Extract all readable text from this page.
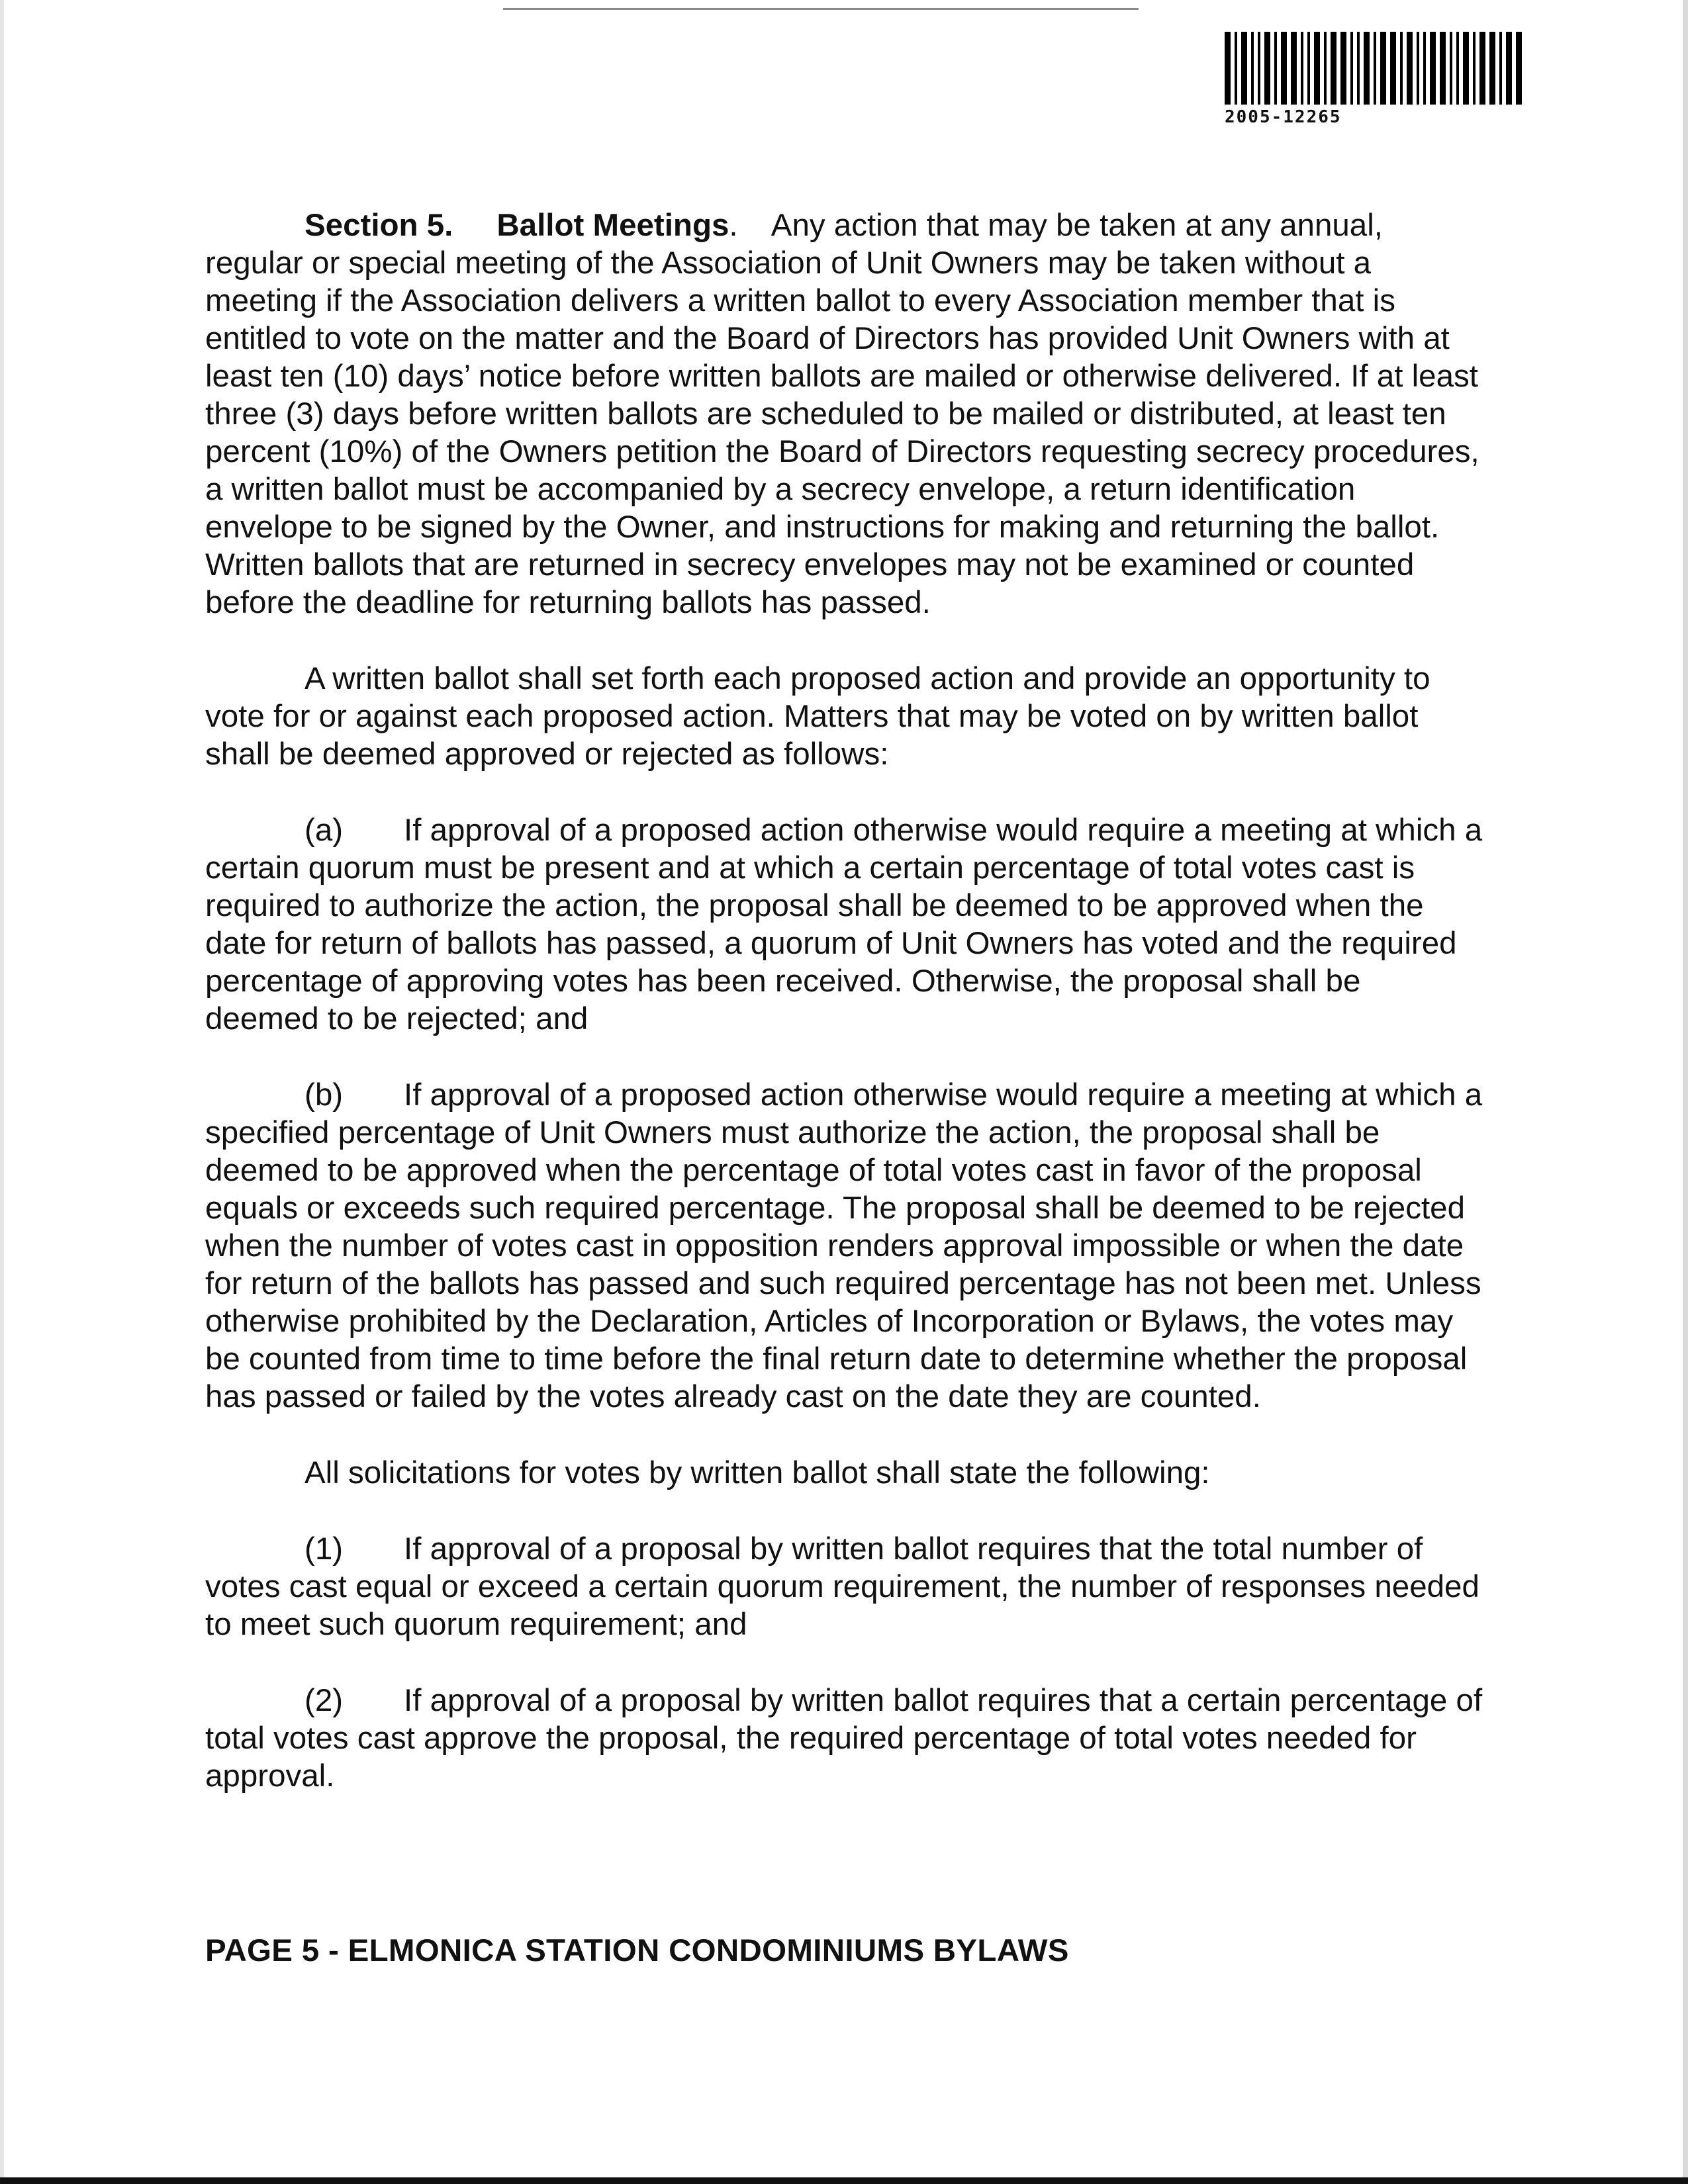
2005-12265

Section 5. Ballot Meetings.    Any action that may be taken at any annual, regular or special meeting of the Association of Unit Owners may be taken without a meeting if the Association delivers a written ballot to every Association member that is entitled to vote on the matter and the Board of Directors has provided Unit Owners with at least ten (10) days’ notice before written ballots are mailed or otherwise delivered. If at least three (3) days before written ballots are scheduled to be mailed or distributed, at least ten percent (10%) of the Owners petition the Board of Directors requesting secrecy procedures, a written ballot must be accompanied by a secrecy envelope, a return identification envelope to be signed by the Owner, and instructions for making and returning the ballot. Written ballots that are returned in secrecy envelopes may not be examined or counted before the deadline for returning ballots has passed.

A written ballot shall set forth each proposed action and provide an opportunity to vote for or against each proposed action. Matters that may be voted on by written ballot shall be deemed approved or rejected as follows:

(a) If approval of a proposed action otherwise would require a meeting at which a certain quorum must be present and at which a certain percentage of total votes cast is required to authorize the action, the proposal shall be deemed to be approved when the date for return of ballots has passed, a quorum of Unit Owners has voted and the required percentage of approving votes has been received. Otherwise, the proposal shall be deemed to be rejected; and

(b) If approval of a proposed action otherwise would require a meeting at which a specified percentage of Unit Owners must authorize the action, the proposal shall be deemed to be approved when the percentage of total votes cast in favor of the proposal equals or exceeds such required percentage. The proposal shall be deemed to be rejected when the number of votes cast in opposition renders approval impossible or when the date for return of the ballots has passed and such required percentage has not been met. Unless otherwise prohibited by the Declaration, Articles of Incorporation or Bylaws, the votes may be counted from time to time before the final return date to determine whether the proposal has passed or failed by the votes already cast on the date they are counted.

All solicitations for votes by written ballot shall state the following:

(1) If approval of a proposal by written ballot requires that the total number of votes cast equal or exceed a certain quorum requirement, the number of responses needed to meet such quorum requirement; and

(2) If approval of a proposal by written ballot requires that a certain percentage of total votes cast approve the proposal, the required percentage of total votes needed for approval.

PAGE 5 - ELMONICA STATION CONDOMINIUMS BYLAWS
